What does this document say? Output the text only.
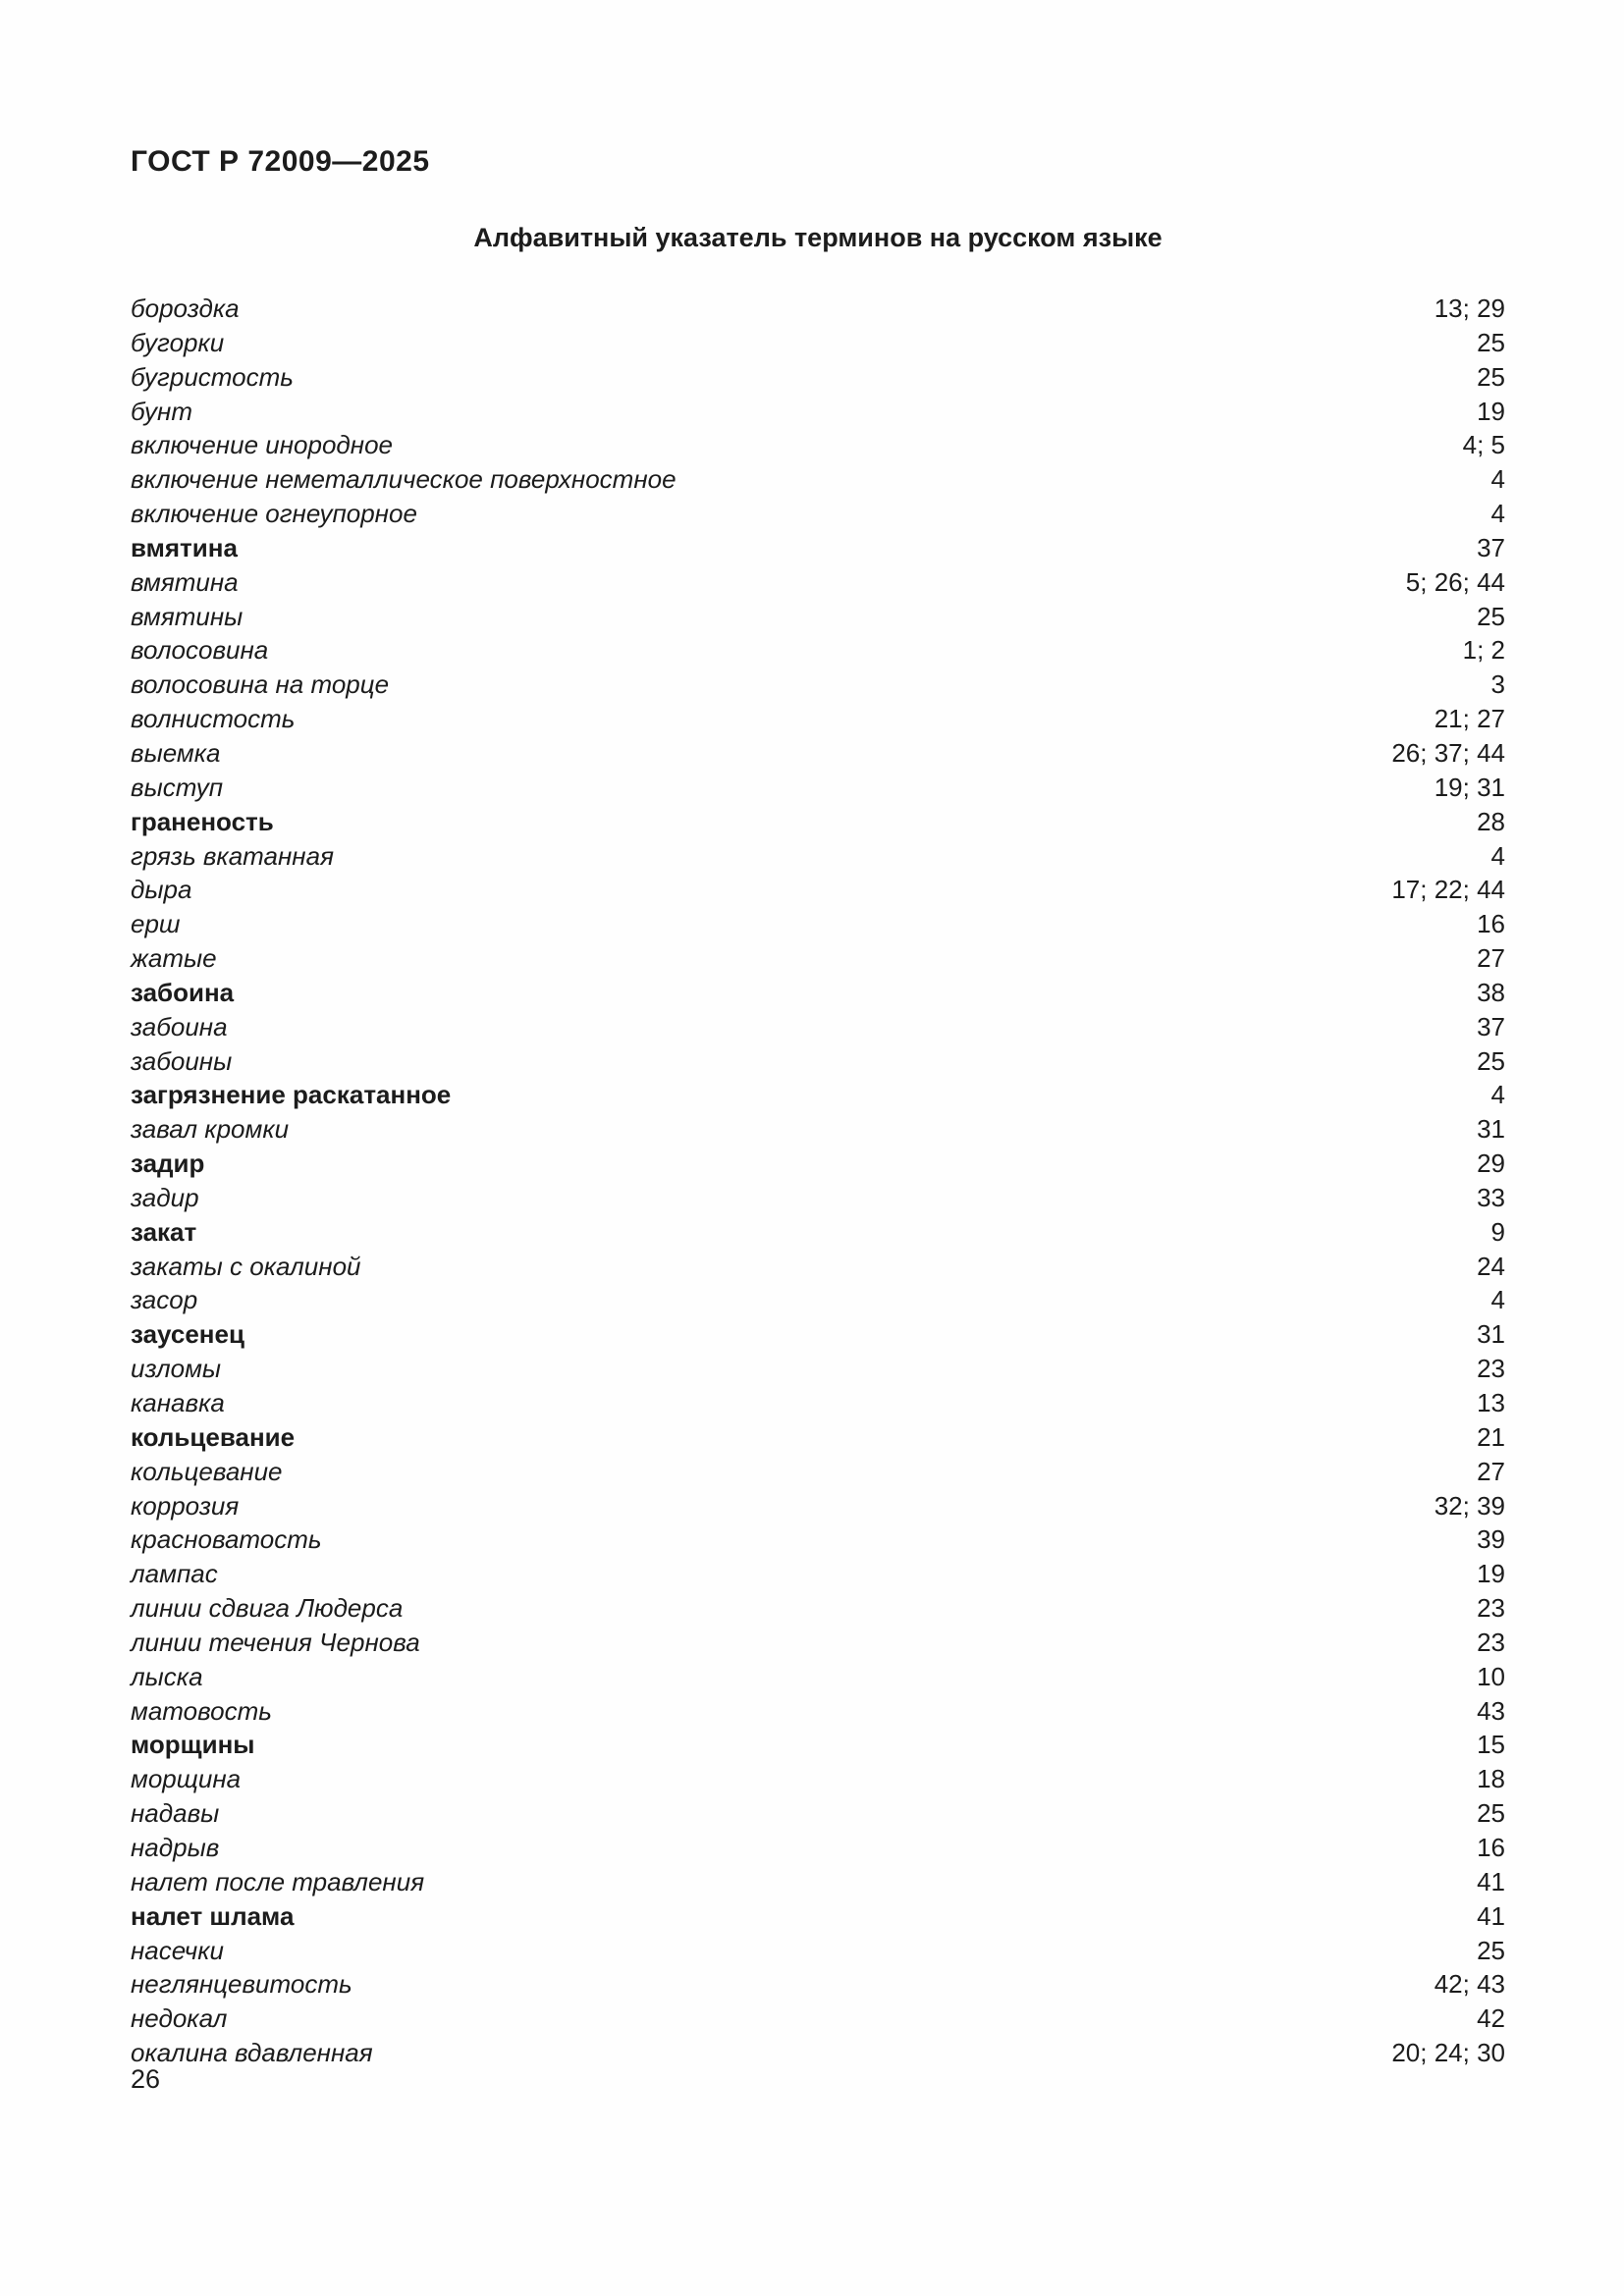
ГОСТ Р 72009—2025
Алфавитный указатель терминов на русском языке
бороздка	13; 29
бугорки	25
бугристость	25
бунт	19
включение инородное	4; 5
включение неметаллическое поверхностное	4
включение огнеупорное	4
вмятина	37
вмятина	5; 26; 44
вмятины	25
волосовина	1; 2
волосовина на торце	3
волнистость	21; 27
выемка	26; 37; 44
выступ	19; 31
граненость	28
грязь вкатанная	4
дыра	17; 22; 44
ерш	16
жатые	27
забоина	38
забоина	37
забоины	25
загрязнение раскатанное	4
завал кромки	31
задир	29
задир	33
закат	9
закаты с окалиной	24
засор	4
заусенец	31
изломы	23
канавка	13
кольцевание	21
кольцевание	27
коррозия	32; 39
красноватость	39
лампас	19
линии сдвига Людерса	23
линии течения Чернова	23
лыска	10
матовость	43
морщины	15
морщина	18
надавы	25
надрыв	16
налет после травления	41
налет шлама	41
насечки	25
неглянцевитость	42; 43
недокал	42
окалина вдавленная	20; 24; 30
26
